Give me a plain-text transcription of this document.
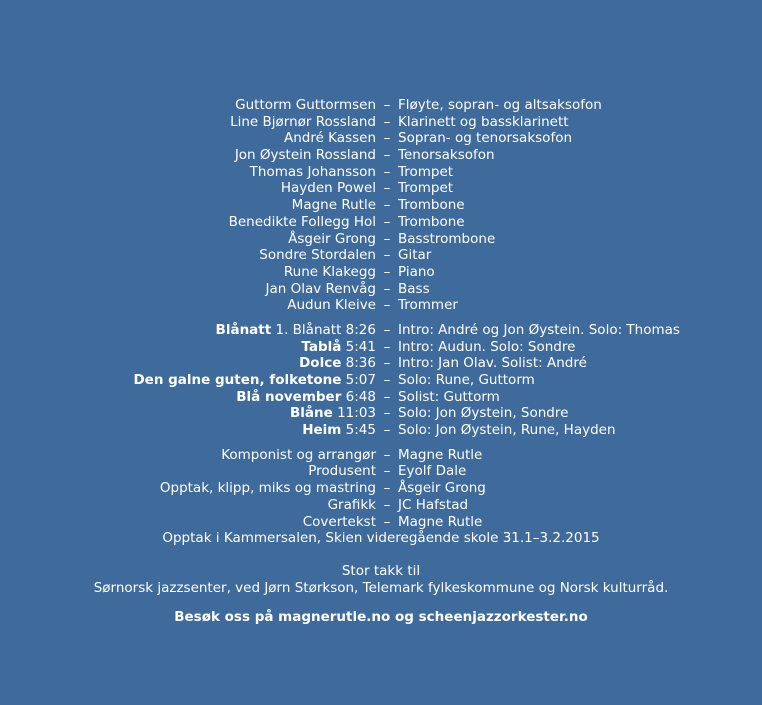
Guttorm Guttormsen – Fløyte, sopran- og altsaksofon
Line Bjørnør Rossland – Klarinett og bassklarinett
André Kassen – Sopran- og tenorsaksofon
Jon Øystein Rossland – Tenorsaksofon
Thomas Johansson – Trompet
Hayden Powel – Trompet
Magne Rutle – Trombone
Benedikte Follegg Hol – Trombone
Åsgeir Grong – Basstrombone
Sondre Stordalen – Gitar
Rune Klakegg – Piano
Jan Olav Renvåg – Bass
Audun Kleive – Trommer
Blånatt 1. Blånatt 8:26 – Intro: André og Jon Øystein. Solo: Thomas
Tablå 5:41 – Intro: Audun. Solo: Sondre
Dolce 8:36 – Intro: Jan Olav. Solist: André
Den galne guten, folketone 5:07 – Solo: Rune, Guttorm
Blå november 6:48 – Solist: Guttorm
Blåne 11:03 – Solo: Jon Øystein, Sondre
Heim 5:45 – Solo: Jon Øystein, Rune, Hayden
Komponist og arrangør – Magne Rutle
Produsent – Eyolf Dale
Opptak, klipp, miks og mastring – Åsgeir Grong
Grafikk – JC Hafstad
Covertekst – Magne Rutle
Opptak i Kammersalen, Skien videregående skole 31.1–3.2.2015
Stor takk til
Sørnorsk jazzsenter, ved Jørn Størkson, Telemark fylkeskommune og Norsk kulturråd.
Besøk oss på magnerutle.no og scheenjazzorkester.no
